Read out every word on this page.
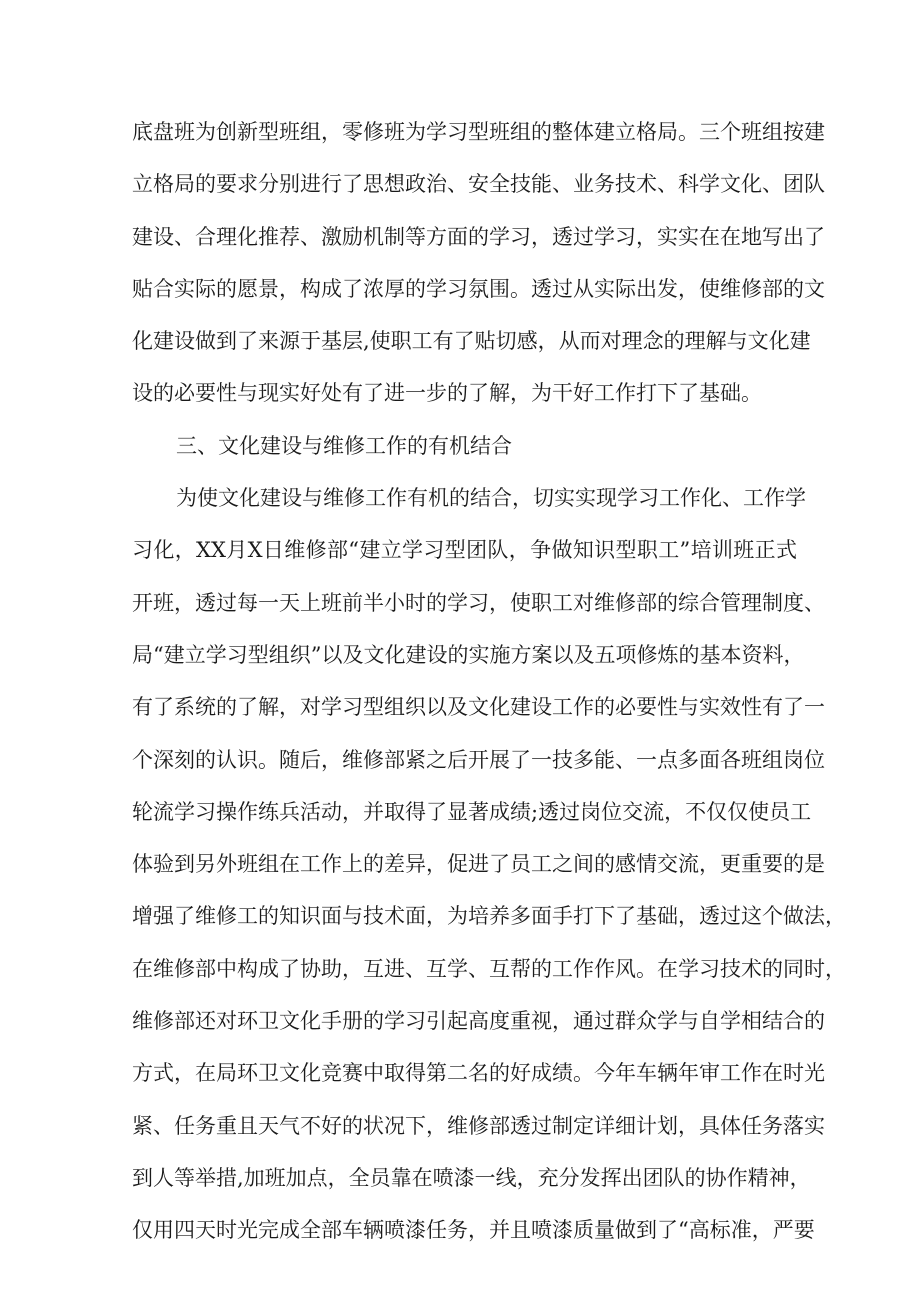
底盘班为创新型班组，零修班为学习型班组的整体建立格局。三个班组按建
立格局的要求分别进行了思想政治、安全技能、业务技术、科学文化、团队
建设、合理化推荐、激励机制等方面的学习，透过学习，实实在在地写出了
贴合实际的愿景，构成了浓厚的学习氛围。透过从实际出发，使维修部的文
化建设做到了来源于基层,使职工有了贴切感，从而对理念的理解与文化建
设的必要性与现实好处有了进一步的了解，为干好工作打下了基础。
三、文化建设与维修工作的有机结合
为使文化建设与维修工作有机的结合，切实实现学习工作化、工作学
习化，XX月X日维修部“建立学习型团队，争做知识型职工”培训班正式
开班，透过每一天上班前半小时的学习，使职工对维修部的综合管理制度、
局“建立学习型组织”以及文化建设的实施方案以及五项修炼的基本资料，
有了系统的了解，对学习型组织以及文化建设工作的必要性与实效性有了一
个深刻的认识。随后，维修部紧之后开展了一技多能、一点多面各班组岗位
轮流学习操作练兵活动，并取得了显著成绩;透过岗位交流，不仅仅使员工
体验到另外班组在工作上的差异，促进了员工之间的感情交流，更重要的是
增强了维修工的知识面与技术面，为培养多面手打下了基础，透过这个做法，
在维修部中构成了协助，互进、互学、互帮的工作作风。在学习技术的同时，
维修部还对环卫文化手册的学习引起高度重视，通过群众学与自学相结合的
方式，在局环卫文化竞赛中取得第二名的好成绩。今年车辆年审工作在时光
紧、任务重且天气不好的状况下，维修部透过制定详细计划，具体任务落实
到人等举措,加班加点，全员靠在喷漆一线，充分发挥出团队的协作精神，
仅用四天时光完成全部车辆喷漆任务，并且喷漆质量做到了“高标准，严要
